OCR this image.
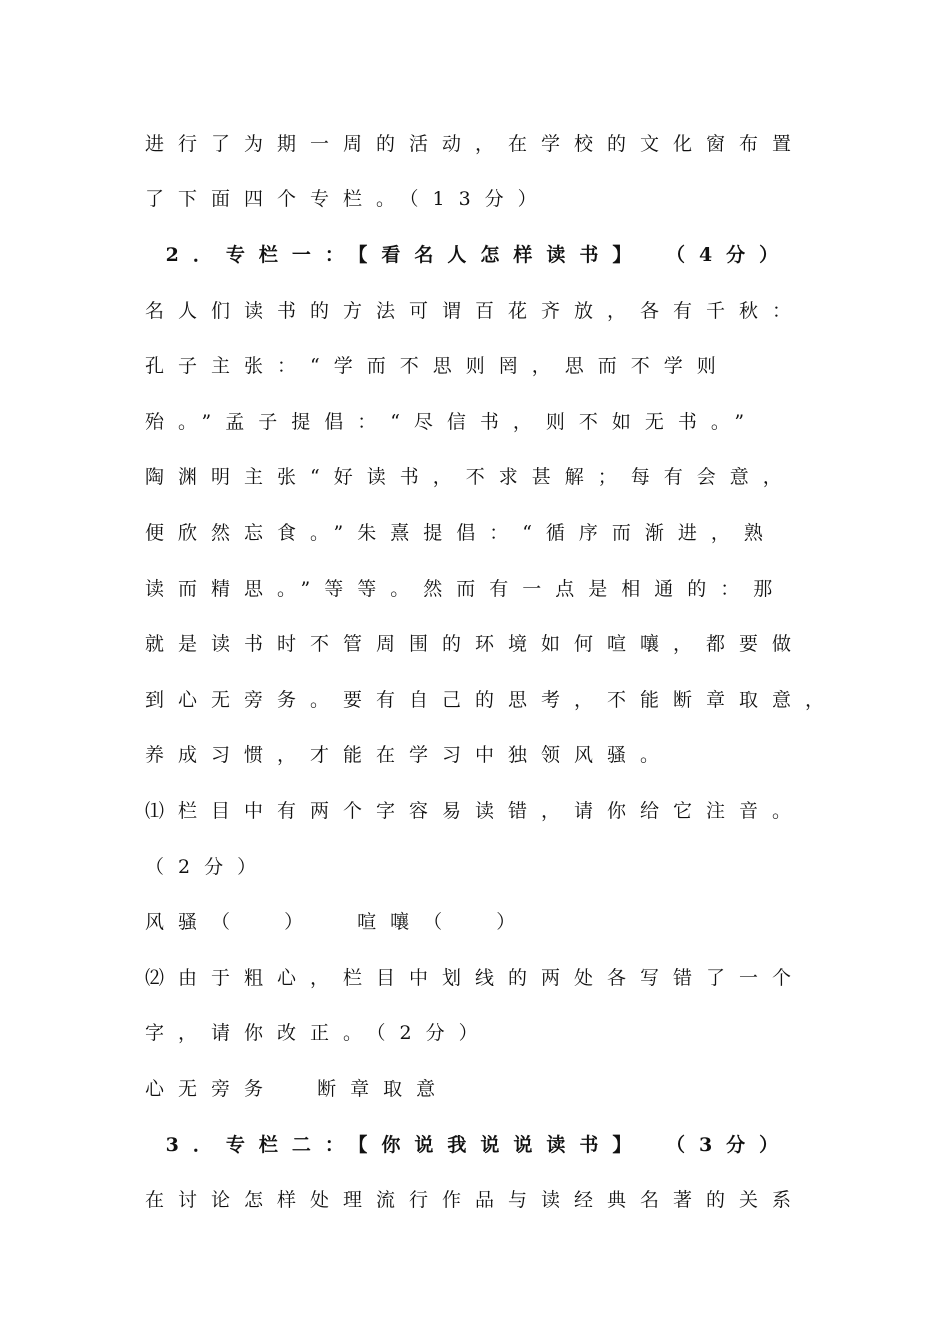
进行了为期一周的活动，在学校的文化窗布置
了下面四个专栏。（13分）
2．专栏一：【看名人怎样读书】 （4分）
名人们读书的方法可谓百花齐放，各有千秋：
孔子主张：“学而不思则罔，思而不学则
殆。”孟子提倡：“尽信书，则不如无书。”
陶渊明主张“好读书，不求甚解；每有会意，
便欣然忘食。”朱熹提倡：“循序而渐进，熟
读而精思。”等等。然而有一点是相通的：那
就是读书时不管周围的环境如何喧嚷，都要做
到心无旁务。要有自己的思考，不能断章取意，
养成习惯，才能在学习中独领风骚。
⑴栏目中有两个字容易读错，请你给它注音。
（2分）
风骚（  ）  喧嚷（  ）
⑵由于粗心，栏目中划线的两处各写错了一个
字，请你改正。（2分）
心无旁务  断章取意
3．专栏二：【你说我说说读书】 （3分）
在讨论怎样处理流行作品与读经典名著的关系
